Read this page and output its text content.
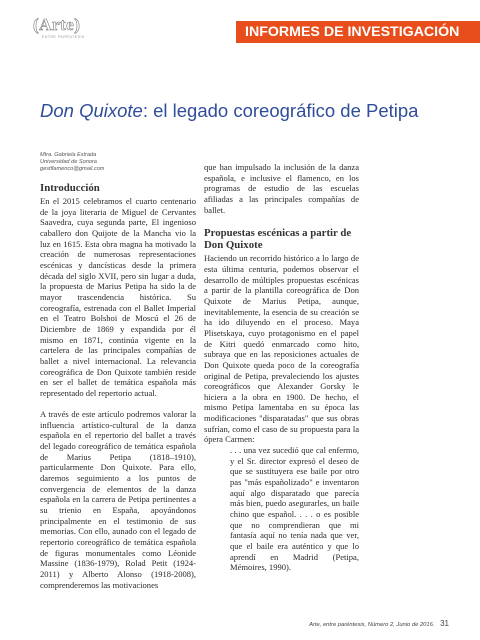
(Arte)
ENTRE PARÉNTESIS	INFORMES DE INVESTIGACIÓN
Don Quixote: el legado coreográfico de Petipa
Mtra. Gabriela Estrada
Universidad de Sonora
gestflamenco@gmail.com
Introducción

En el 2015 celebramos el cuarto centenario de la joya literaria de Miguel de Cervantes Saavedra, cuya segunda parte, El ingenioso caballero don Quijote de la Mancha vio la luz en 1615. Esta obra magna ha motivado la creación de numerosas representaciones escénicas y dancísticas desde la primera década del siglo XVII, pero sin lugar a duda, la propuesta de Marius Petipa ha sido la de mayor trascendencia histórica. Su coreografía, estrenada con el Ballet Imperial en el Teatro Bolshoi de Moscú el 26 de Diciembre de 1869 y expandida por él mismo en 1871, continúa vigente en la cartelera de las principales compañías de ballet a nivel internacional. La relevancia coreográfica de Don Quixote también reside en ser el ballet de temática española más representado del repertorio actual.

A través de este artículo podremos valorar la influencia artístico-cultural de la danza española en el repertorio del ballet a través del legado coreográfico de temática española de Marius Petipa (1818–1910), particularmente Don Quixote. Para ello, daremos seguimiento a los puntos de convergencia de elementos de la danza española en la carrera de Petipa pertinentes a su trienio en España, apoyándonos principalmente en el testimonio de sus memorias. Con ello, aunado con el legado de repertorio coreográfico de temática española de figuras monumentales como Léonide Massine (1836-1979), Rolad Petit (1924-2011) y Alberto Alonso (1918-2008), comprenderemos las motivaciones

que han impulsado la inclusión de la danza española, e inclusive el flamenco, en los programas de estudio de las escuelas afiliadas a las principales compañías de ballet.

Propuestas escénicas a partir de Don Quixote

Haciendo un recorrido histórico a lo largo de esta última centuria, podemos observar el desarrollo de múltiples propuestas escénicas a partir de la plantilla coreográfica de Don Quixote de Marius Petipa, aunque, inevitablemente, la esencia de su creación se ha ido diluyendo en el proceso. Maya Plisetskaya, cuyo protagonismo en el papel de Kitri quedó enmarcado como hito, subraya que en las reposiciones actuales de Don Quixote queda poco de la coreografía original de Petipa, prevaleciendo los ajustes coreográficos que Alexander Gorsky le hiciera a la obra en 1900. De hecho, el mismo Petipa lamentaba en su época las modificaciones "disparatadas" que sus obras sufrían, como el caso de su propuesta para la ópera Carmen:

. . . una vez sucedió que cal enfermo, y el Sr. director expresó el deseo de que se sustituyera ese baile por otro pas "más españolizado" e inventaron aquí algo disparatado que parecía más bien, puedo asegurarles, un baile chino que español. . . . o es posible que no comprendieran que mi fantasía aquí no tenía nada que ver, que el baile era auténtico y que lo aprendí en Madrid (Petipa, Mémoires, 1990).

Arte, entre paréntesis, Número 2, Junio de 2016. 31
